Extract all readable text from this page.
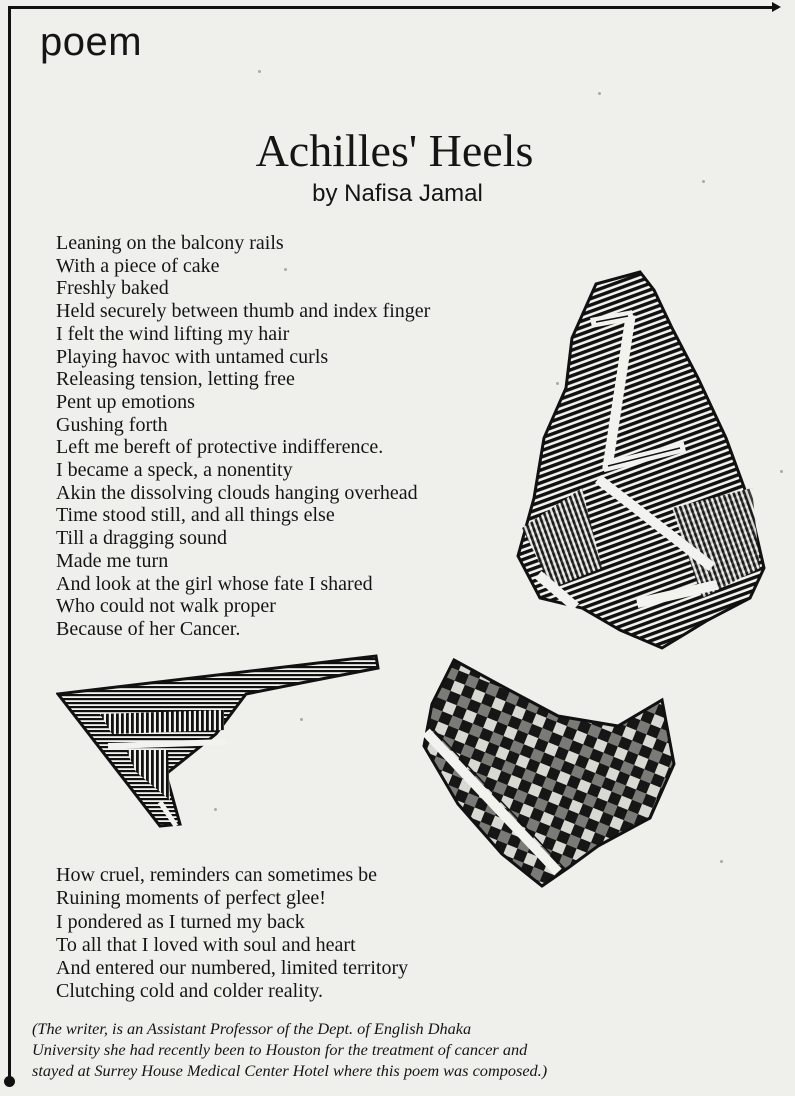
poem
Achilles' Heels
by Nafisa Jamal
Leaning on the balcony rails
With a piece of cake
Freshly baked
Held securely between thumb and index finger
I felt the wind lifting my hair
Playing havoc with untamed curls
Releasing tension, letting free
Pent up emotions
Gushing forth
Left me bereft of protective indifference.
I became a speck, a nonentity
Akin the dissolving clouds hanging overhead
Time stood still, and all things else
Till a dragging sound
Made me turn
And look at the girl whose fate I shared
Who could not walk proper
Because of her Cancer.
How cruel, reminders can sometimes be
Ruining moments of perfect glee!
I pondered as I turned my back
To all that I loved with soul and heart
And entered our numbered, limited territory
Clutching cold and colder reality.

(The writer, is an Assistant Professor of the Dept. of English Dhaka
University she had recently been to Houston for the treatment of cancer and
stayed at Surrey House Medical Center Hotel where this poem was composed.)
